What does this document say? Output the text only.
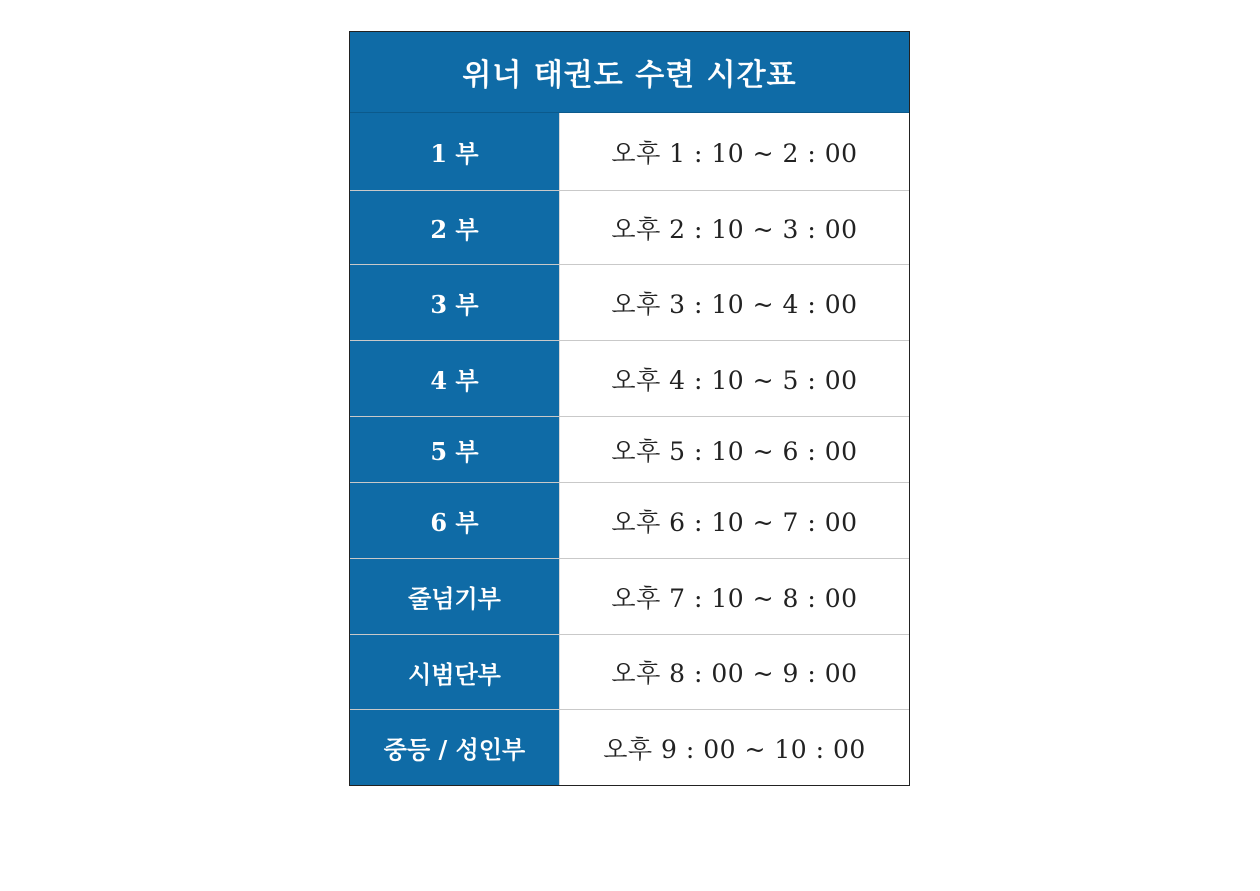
위너 태권도 수련 시간표
1 부	오후 1 : 10 ~ 2 : 00
2 부	오후 2 : 10 ~ 3 : 00
3 부	오후 3 : 10 ~ 4 : 00
4 부	오후 4 : 10 ~ 5 : 00
5 부	오후 5 : 10 ~ 6 : 00
6 부	오후 6 : 10 ~ 7 : 00
줄넘기부	오후 7 : 10 ~ 8 : 00
시범단부	오후 8 : 00 ~ 9 : 00
중등 / 성인부	오후 9 : 00 ~ 10 : 00
